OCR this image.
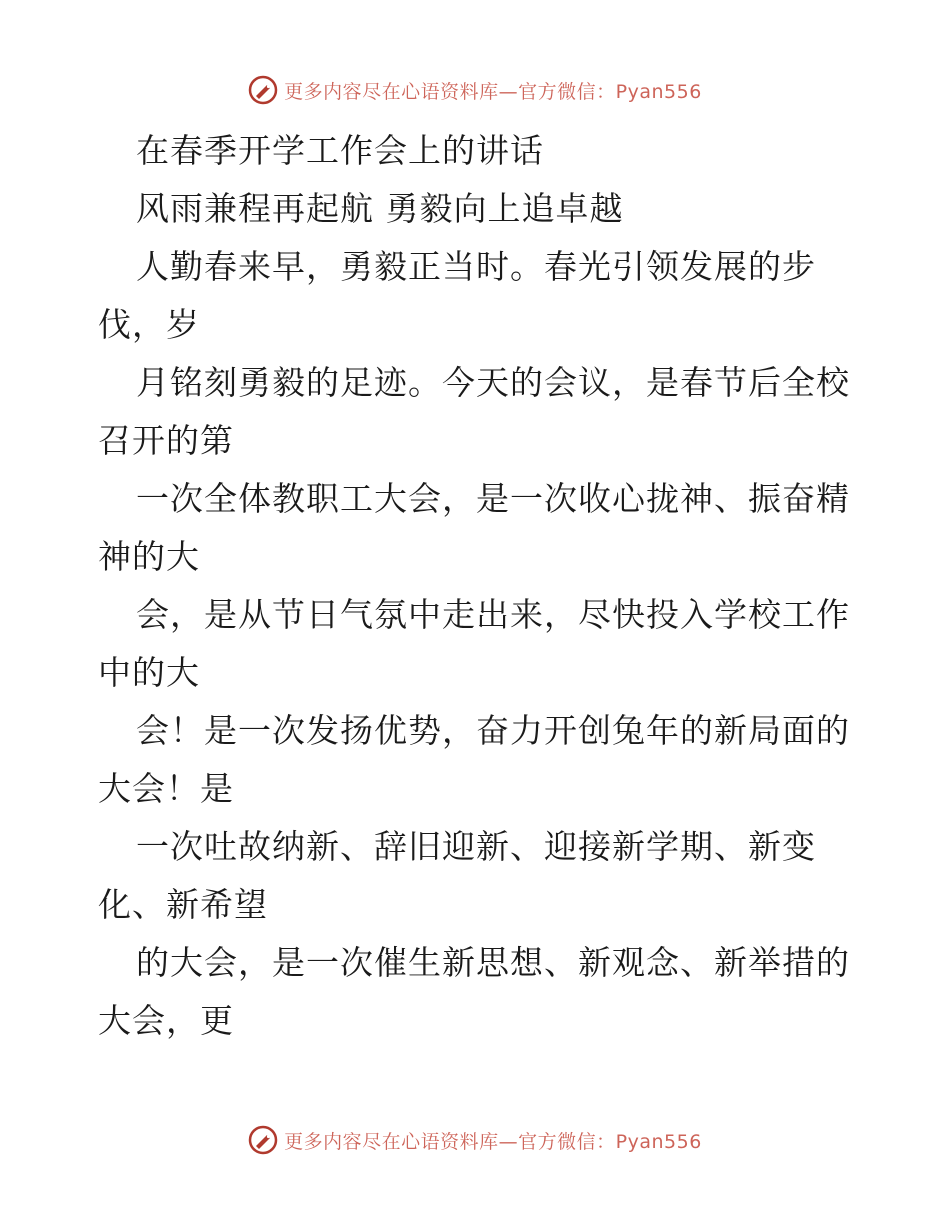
更多内容尽在心语资料库—官方微信：Pyan556
在春季开学工作会上的讲话
风雨兼程再起航 勇毅向上追卓越
人勤春来早，勇毅正当时。春光引领发展的步
伐，岁
月铭刻勇毅的足迹。今天的会议，是春节后全校
召开的第
一次全体教职工大会，是一次收心拢神、振奋精
神的大
会，是从节日气氛中走出来，尽快投入学校工作
中的大
会！是一次发扬优势，奋力开创兔年的新局面的
大会！是
一次吐故纳新、辞旧迎新、迎接新学期、新变
化、新希望
的大会，是一次催生新思想、新观念、新举措的
大会，更
更多内容尽在心语资料库—官方微信：Pyan556
